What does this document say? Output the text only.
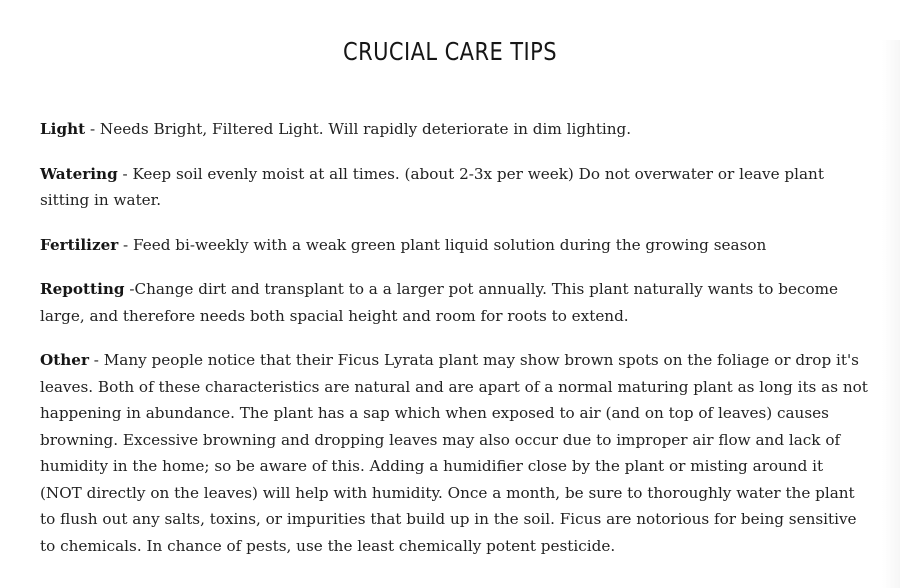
CRUCIAL CARE TIPS

Light - Needs Bright, Filtered Light. Will rapidly deteriorate in dim lighting.

Watering - Keep soil evenly moist at all times. (about 2-3x per week) Do not overwater or leave plant sitting in water.

Fertilizer - Feed bi-weekly with a weak green plant liquid solution during the growing season

Repotting -Change dirt and transplant to a a larger pot annually. This plant naturally wants to become large, and therefore needs both spacial height and room for roots to extend.

Other - Many people notice that their Ficus Lyrata plant may show brown spots on the foliage or drop it's leaves. Both of these characteristics are natural and are apart of a normal maturing plant as long its as not happening in abundance. The plant has a sap which when exposed to air (and on top of leaves) causes browning. Excessive browning and dropping leaves may also occur due to improper air flow and lack of humidity in the home; so be aware of this. Adding a humidifier close by the plant or misting around it (NOT directly on the leaves) will help with humidity. Once a month, be sure to thoroughly water the plant to flush out any salts, toxins, or impurities that build up in the soil. Ficus are notorious for being sensitive to chemicals. In chance of pests, use the least chemically potent pesticide.
